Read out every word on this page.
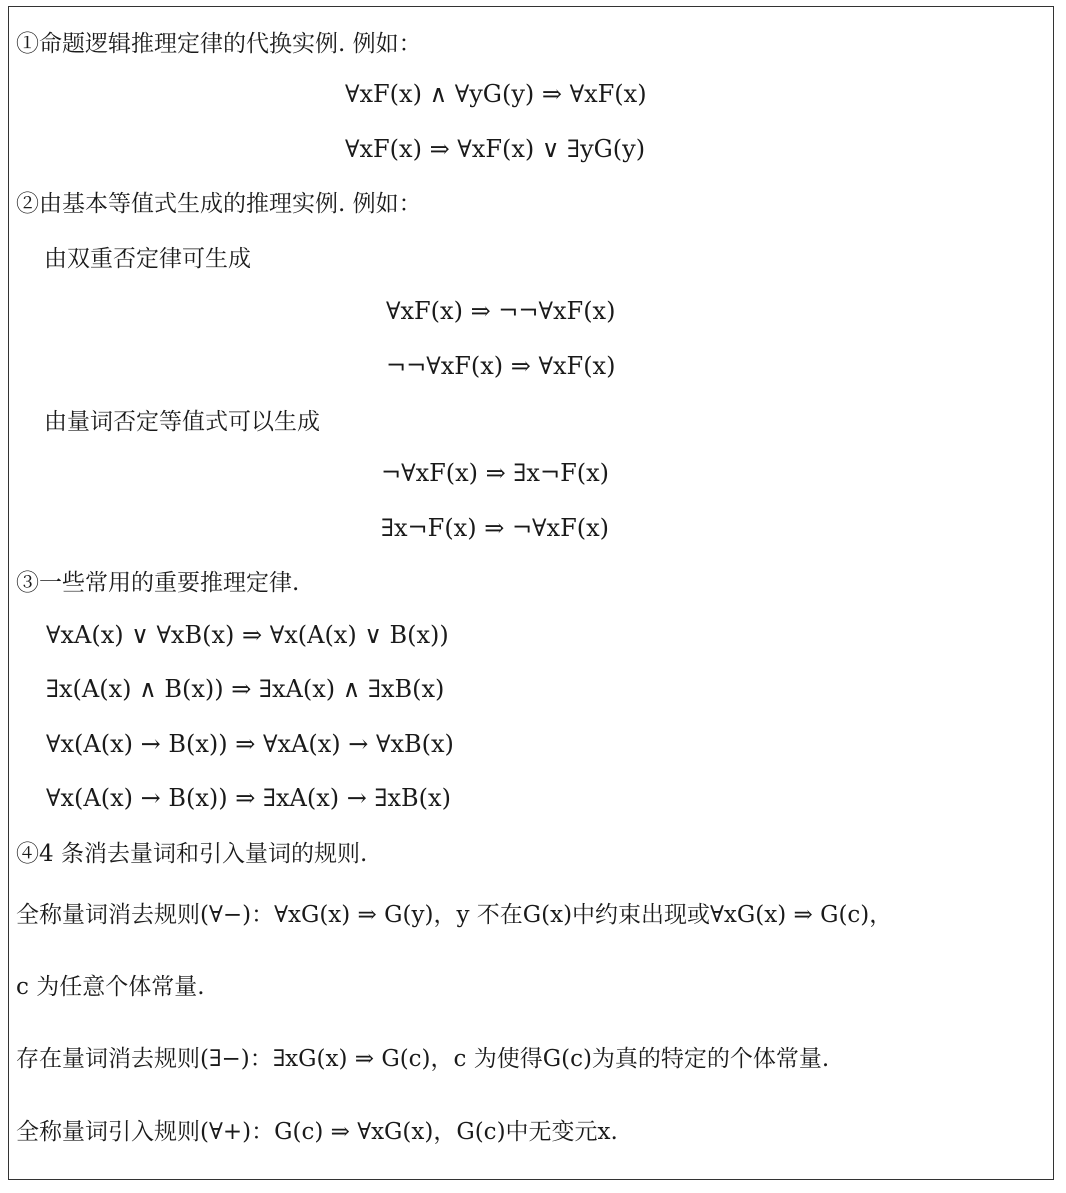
①命题逻辑推理定律的代换实例. 例如：
∀xF(x) ∧ ∀yG(y) ⇒ ∀xF(x)
∀xF(x) ⇒ ∀xF(x) ∨ ∃yG(y)
②由基本等值式生成的推理实例. 例如：
由双重否定律可生成
∀xF(x) ⇒ ¬¬∀xF(x)
¬¬∀xF(x) ⇒ ∀xF(x)
由量词否定等值式可以生成
¬∀xF(x) ⇒ ∃x¬F(x)
∃x¬F(x) ⇒ ¬∀xF(x)
③一些常用的重要推理定律.
∀xA(x) ∨ ∀xB(x) ⇒ ∀x(A(x) ∨ B(x))
∃x(A(x) ∧ B(x)) ⇒ ∃xA(x) ∧ ∃xB(x)
∀x(A(x) → B(x)) ⇒ ∀xA(x) → ∀xB(x)
∀x(A(x) → B(x)) ⇒ ∃xA(x) → ∃xB(x)
④4 条消去量词和引入量词的规则.
全称量词消去规则(∀−)：∀xG(x) ⇒ G(y)，y 不在G(x)中约束出现或∀xG(x) ⇒ G(c)，
c 为任意个体常量.
存在量词消去规则(∃−)：∃xG(x) ⇒ G(c)，c 为使得G(c)为真的特定的个体常量.
全称量词引入规则(∀+)：G(c) ⇒ ∀xG(x)，G(c)中无变元x.
